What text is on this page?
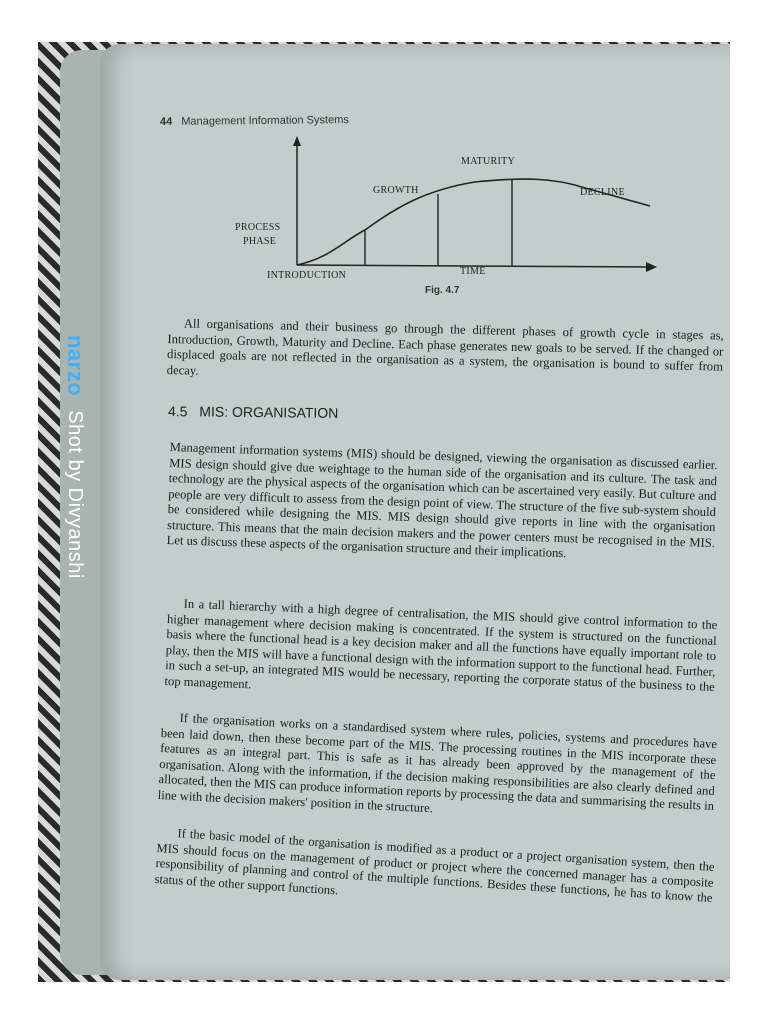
44 Management Information Systems
PROCESS
PHASE
INTRODUCTION
GROWTH
MATURITY
DECLINE
TIME
Fig. 4.7
All organisations and their business go through the different phases of growth cycle in stages as, Introduction, Growth, Maturity and Decline. Each phase generates new goals to be served. If the changed or displaced goals are not reflected in the organisation as a system, the organisation is bound to suffer from decay.
4.5 MIS: ORGANISATION
Management information systems (MIS) should be designed, viewing the organisation as discussed earlier. MIS design should give due weightage to the human side of the organisation and its culture. The task and technology are the physical aspects of the organisation which can be ascertained very easily. But culture and people are very difficult to assess from the design point of view. The structure of the five sub-system should be considered while designing the MIS. MIS design should give reports in line with the organisation structure. This means that the main decision makers and the power centers must be recognised in the MIS. Let us discuss these aspects of the organisation structure and their implications.
In a tall hierarchy with a high degree of centralisation, the MIS should give control information to the higher management where decision making is concentrated. If the system is structured on the functional basis where the functional head is a key decision maker and all the functions have equally important role to play, then the MIS will have a functional design with the information support to the functional head. Further, in such a set-up, an integrated MIS would be necessary, reporting the corporate status of the business to the top management.
If the organisation works on a standardised system where rules, policies, systems and procedures have been laid down, then these become part of the MIS. The processing routines in the MIS incorporate these features as an integral part. This is safe as it has already been approved by the management of the organisation. Along with the information, if the decision making responsibilities are also clearly defined and allocated, then the MIS can produce information reports by processing the data and summarising the results in line with the decision makers' position in the structure.
If the basic model of the organisation is modified as a product or a project organisation system, then the MIS should focus on the management of product or project where the concerned manager has a composite responsibility of planning and control of the multiple functions. Besides these functions, he has to know the status of the other support functions.
narzo Shot by Divyanshi
